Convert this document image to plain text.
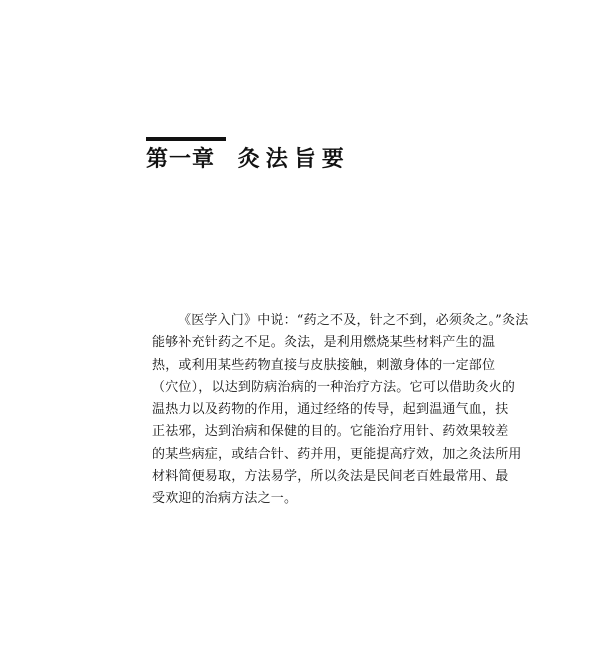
第一章 灸法旨要
《医学入门》中说：“药之不及，针之不到，必须灸之。”灸法
能够补充针药之不足。灸法，是利用燃烧某些材料产生的温
热，或利用某些药物直接与皮肤接触，刺激身体的一定部位
（穴位），以达到防病治病的一种治疗方法。它可以借助灸火的
温热力以及药物的作用，通过经络的传导，起到温通气血，扶
正祛邪，达到治病和保健的目的。它能治疗用针、药效果较差
的某些病症，或结合针、药并用，更能提高疗效，加之灸法所用
材料简便易取，方法易学，所以灸法是民间老百姓最常用、最
受欢迎的治病方法之一。
